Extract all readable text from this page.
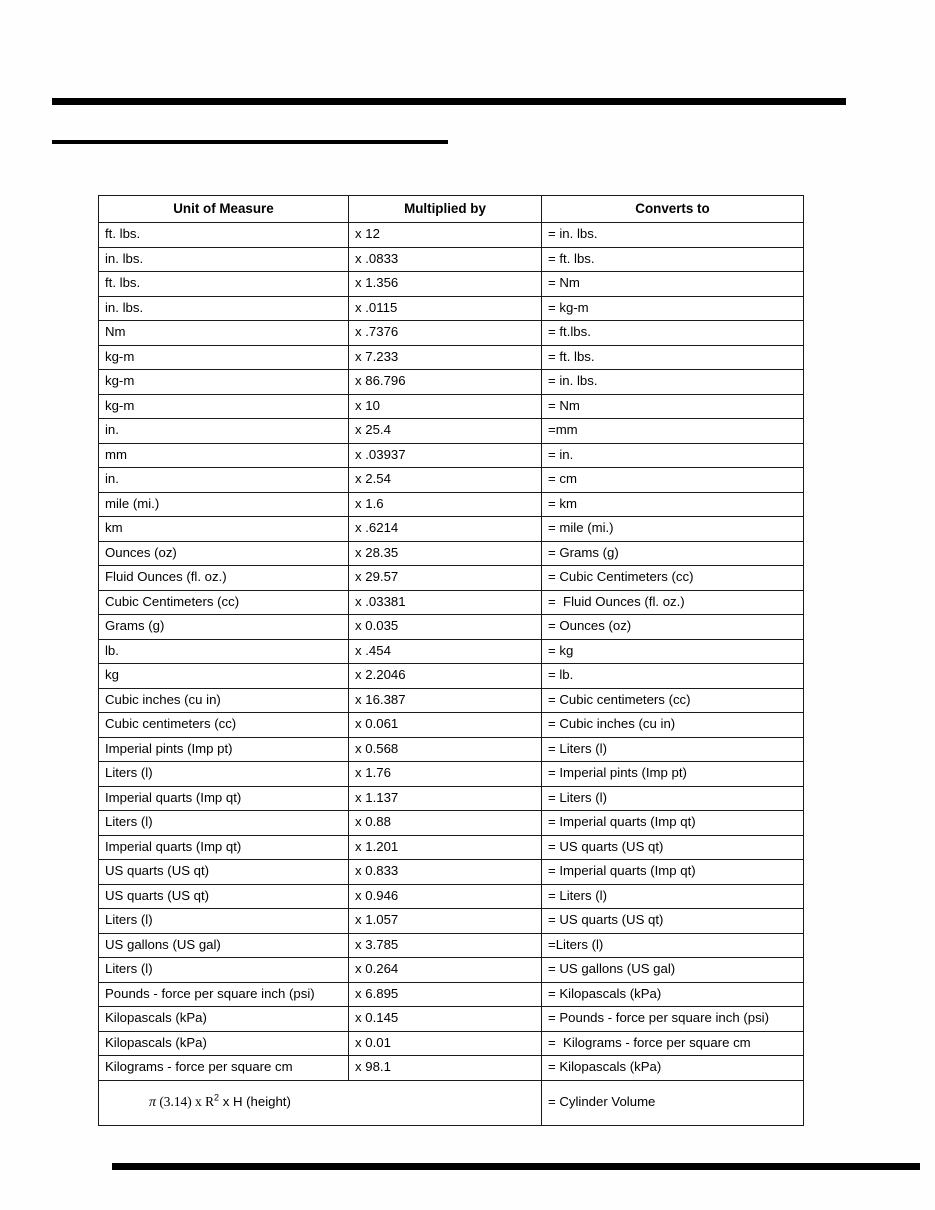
Unit of Measure	Multiplied by	Converts to
ft. lbs.	x 12	= in. lbs.
in. lbs.	x .0833	= ft. lbs.
ft. lbs.	x 1.356	= Nm
in. lbs.	x .0115	= kg-m
Nm	x .7376	= ft.lbs.
kg-m	x 7.233	= ft. lbs.
kg-m	x 86.796	= in. lbs.
kg-m	x 10	= Nm
in.	x 25.4	=mm
mm	x .03937	= in.
in.	x 2.54	= cm
mile (mi.)	x 1.6	= km
km	x .6214	= mile (mi.)
Ounces (oz)	x 28.35	= Grams (g)
Fluid Ounces (fl. oz.)	x 29.57	= Cubic Centimeters (cc)
Cubic Centimeters (cc)	x .03381	=  Fluid Ounces (fl. oz.)
Grams (g)	x 0.035	= Ounces (oz)
lb.	x .454	= kg
kg	x 2.2046	= lb.
Cubic inches (cu in)	x 16.387	= Cubic centimeters (cc)
Cubic centimeters (cc)	x 0.061	= Cubic inches (cu in)
Imperial pints (Imp pt)	x 0.568	= Liters (l)
Liters (l)	x 1.76	= Imperial pints (Imp pt)
Imperial quarts (Imp qt)	x 1.137	= Liters (l)
Liters (l)	x 0.88	= Imperial quarts (Imp qt)
Imperial quarts (Imp qt)	x 1.201	= US quarts (US qt)
US quarts (US qt)	x 0.833	= Imperial quarts (Imp qt)
US quarts (US qt)	x 0.946	= Liters (l)
Liters (l)	x 1.057	= US quarts (US qt)
US gallons (US gal)	x 3.785	=Liters (l)
Liters (l)	x 0.264	= US gallons (US gal)
Pounds - force per square inch (psi)	x 6.895	= Kilopascals (kPa)
Kilopascals (kPa)	x 0.145	= Pounds - force per square inch (psi)
Kilopascals (kPa)	x 0.01	=  Kilograms - force per square cm
Kilograms - force per square cm	x 98.1	= Kilopascals (kPa)

π (3.14) x $R^2$ x H (height)		= Cylinder Volume
